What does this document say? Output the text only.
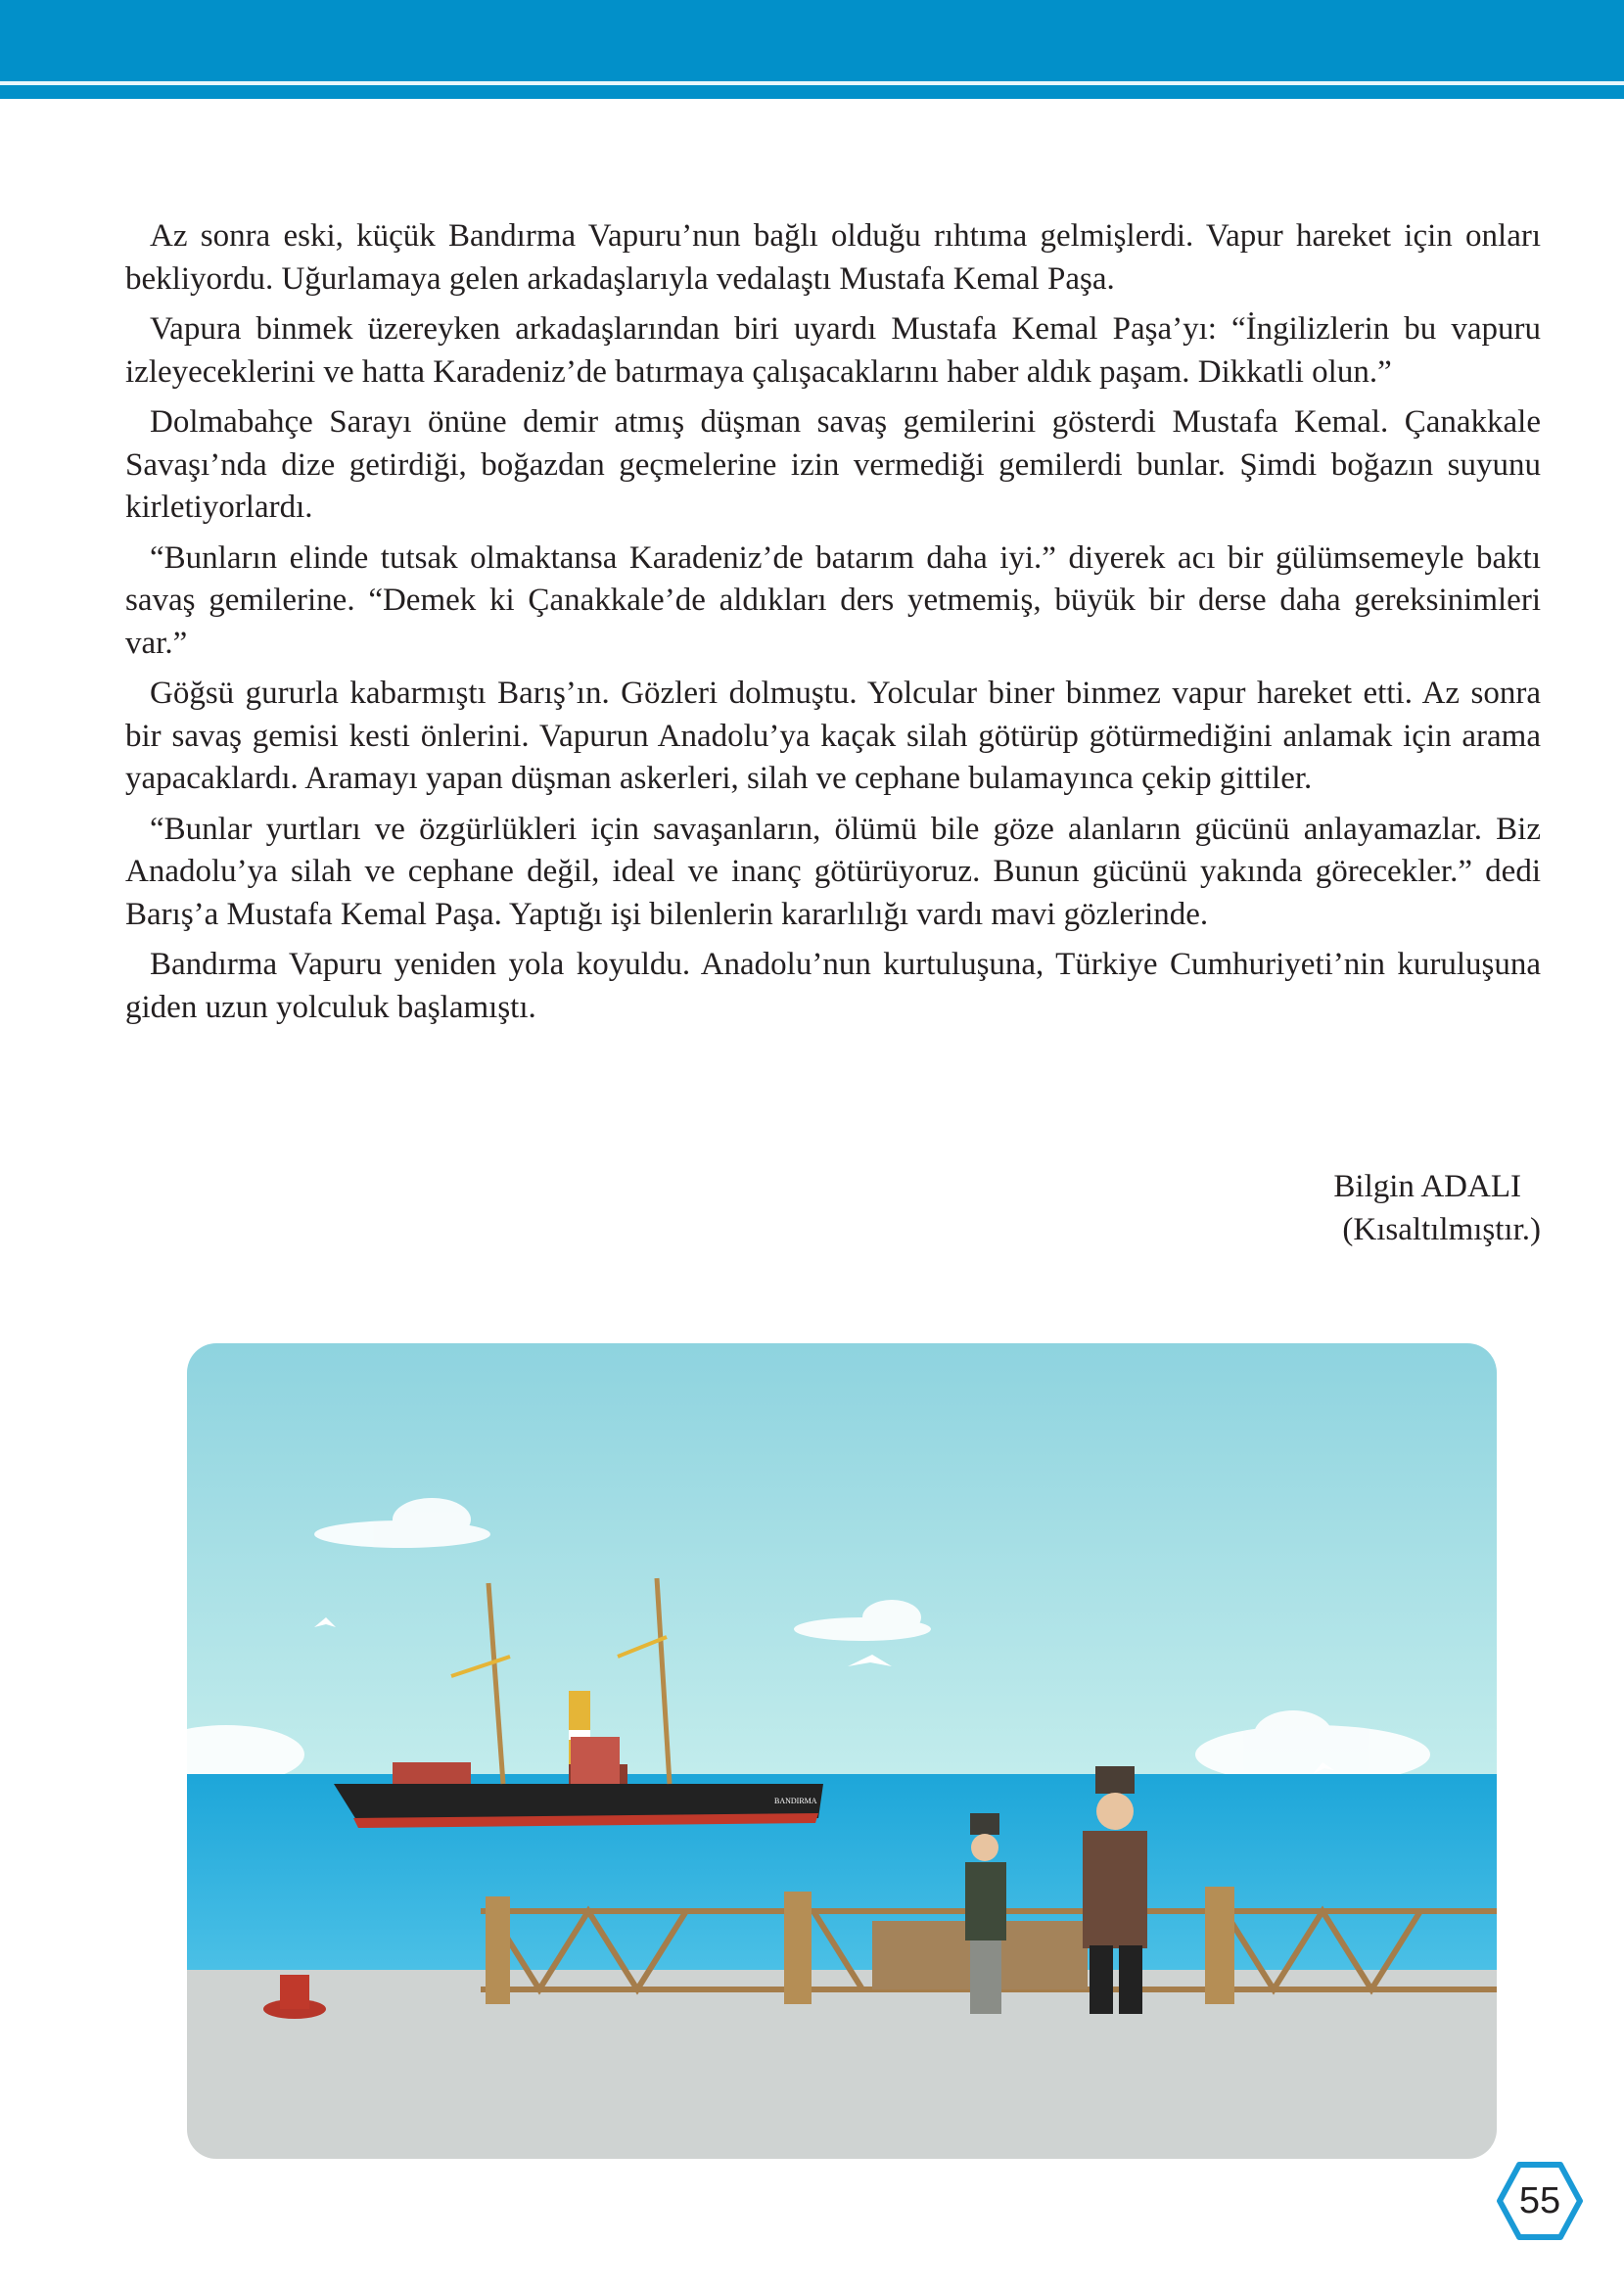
Az sonra eski, küçük Bandırma Vapuru’nun bağlı olduğu rıhtıma gelmişlerdi. Vapur hareket için onları bekliyordu. Uğurlamaya gelen arkadaşlarıyla vedalaştı Mustafa Kemal Paşa.

Vapura binmek üzereyken arkadaşlarından biri uyardı Mustafa Kemal Paşa’yı: “İngilizlerin bu vapuru izleyeceklerini ve hatta Karadeniz’de batırmaya çalışacaklarını haber aldık paşam. Dikkatli olun.”

Dolmabahçe Sarayı önüne demir atmış düşman savaş gemilerini gösterdi Mustafa Kemal. Çanakkale Savaşı’nda dize getirdiği, boğazdan geçmelerine izin vermediği gemilerdi bunlar. Şimdi boğazın suyunu kirletiyorlardı.

“Bunların elinde tutsak olmaktansa Karadeniz’de batarım daha iyi.” diyerek acı bir gülümsemeyle baktı savaş gemilerine. “Demek ki Çanakkale’de aldıkları ders yetmemiş, büyük bir derse daha gereksinimleri var.”

Göğsü gururla kabarmıştı Barış’ın. Gözleri dolmuştu. Yolcular biner binmez vapur hareket etti. Az sonra bir savaş gemisi kesti önlerini. Vapurun Anadolu’ya kaçak silah götürüp götürmediğini anlamak için arama yapacaklardı. Aramayı yapan düşman askerleri, silah ve cephane bulamayınca çekip gittiler.

“Bunlar yurtları ve özgürlükleri için savaşanların, ölümü bile göze alanların gücünü anlayamazlar. Biz Anadolu’ya silah ve cephane değil, ideal ve inanç götürüyoruz. Bunun gücünü yakında görecekler.” dedi Barış’a Mustafa Kemal Paşa. Yaptığı işi bilenlerin kararlılığı vardı mavi gözlerinde.

Bandırma Vapuru yeniden yola koyuldu. Anadolu’nun kurtuluşuna, Türkiye Cumhuriyeti’nin kuruluşuna giden uzun yolculuk başlamıştı.

Bilgin ADALI
(Kısaltılmıştır.)
BANDIRMA
55
